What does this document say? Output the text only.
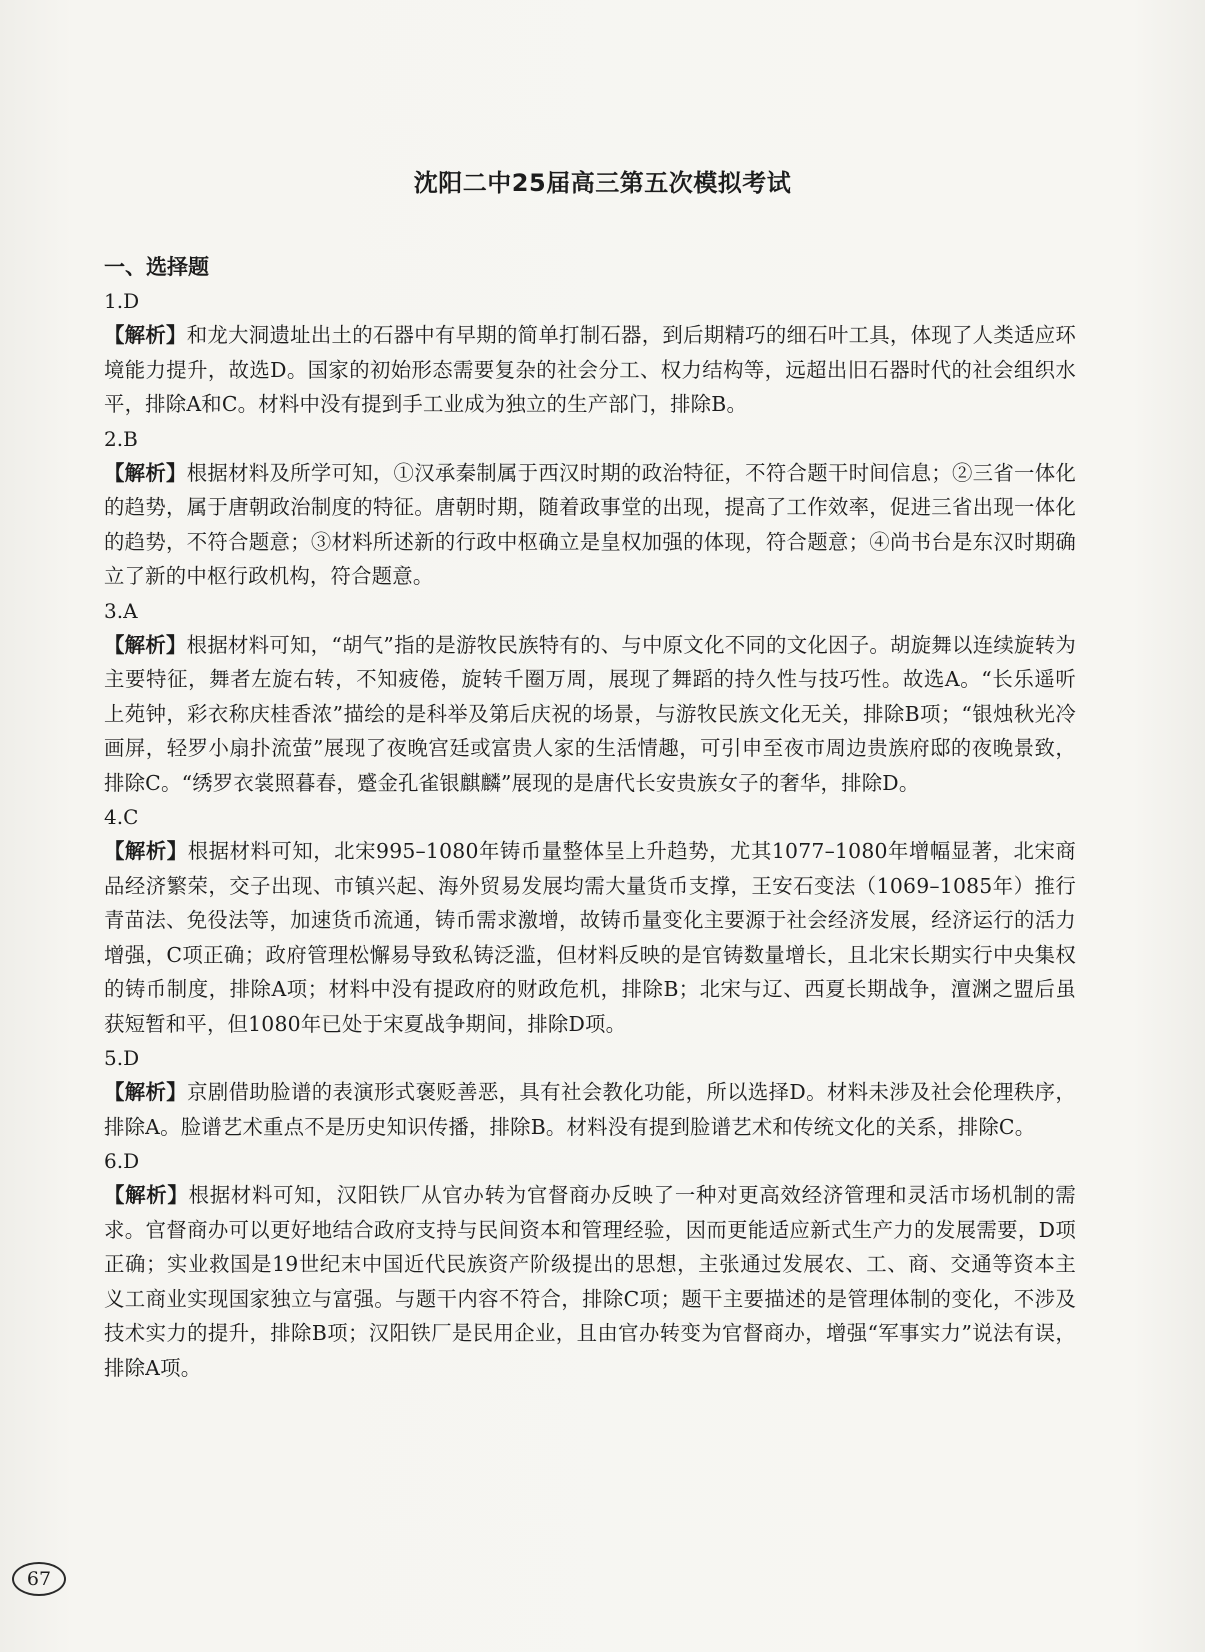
沈阳二中25届高三第五次模拟考试

一、选择题

1.D

【解析】和龙大洞遗址出土的石器中有早期的简单打制石器，到后期精巧的细石叶工具，体现了人类适应环境能力提升，故选D。国家的初始形态需要复杂的社会分工、权力结构等，远超出旧石器时代的社会组织水平，排除A和C。材料中没有提到手工业成为独立的生产部门，排除B。

2.B

【解析】根据材料及所学可知，①汉承秦制属于西汉时期的政治特征，不符合题干时间信息；②三省一体化的趋势，属于唐朝政治制度的特征。唐朝时期，随着政事堂的出现，提高了工作效率，促进三省出现一体化的趋势，不符合题意；③材料所述新的行政中枢确立是皇权加强的体现，符合题意；④尚书台是东汉时期确立了新的中枢行政机构，符合题意。

3.A

【解析】根据材料可知，“胡气”指的是游牧民族特有的、与中原文化不同的文化因子。胡旋舞以连续旋转为主要特征，舞者左旋右转，不知疲倦，旋转千圈万周，展现了舞蹈的持久性与技巧性。故选A。“长乐遥听上苑钟，彩衣称庆桂香浓”描绘的是科举及第后庆祝的场景，与游牧民族文化无关，排除B项；“银烛秋光冷画屏，轻罗小扇扑流萤”展现了夜晚宫廷或富贵人家的生活情趣，可引申至夜市周边贵族府邸的夜晚景致，排除C。“绣罗衣裳照暮春，蹙金孔雀银麒麟”展现的是唐代长安贵族女子的奢华，排除D。

4.C

【解析】根据材料可知，北宋995–1080年铸币量整体呈上升趋势，尤其1077–1080年增幅显著，北宋商品经济繁荣，交子出现、市镇兴起、海外贸易发展均需大量货币支撑，王安石变法（1069–1085年）推行青苗法、免役法等，加速货币流通，铸币需求激增，故铸币量变化主要源于社会经济发展，经济运行的活力增强，C项正确；政府管理松懈易导致私铸泛滥，但材料反映的是官铸数量增长，且北宋长期实行中央集权的铸币制度，排除A项；材料中没有提政府的财政危机，排除B；北宋与辽、西夏长期战争，澶渊之盟后虽获短暂和平，但1080年已处于宋夏战争期间，排除D项。

5.D

【解析】京剧借助脸谱的表演形式褒贬善恶，具有社会教化功能，所以选择D。材料未涉及社会伦理秩序，排除A。脸谱艺术重点不是历史知识传播，排除B。材料没有提到脸谱艺术和传统文化的关系，排除C。

6.D

【解析】根据材料可知，汉阳铁厂从官办转为官督商办反映了一种对更高效经济管理和灵活市场机制的需求。官督商办可以更好地结合政府支持与民间资本和管理经验，因而更能适应新式生产力的发展需要，D项正确；实业救国是19世纪末中国近代民族资产阶级提出的思想，主张通过发展农、工、商、交通等资本主义工商业实现国家独立与富强。与题干内容不符合，排除C项；题干主要描述的是管理体制的变化，不涉及技术实力的提升，排除B项；汉阳铁厂是民用企业，且由官办转变为官督商办，增强“军事实力”说法有误，排除A项。

67
